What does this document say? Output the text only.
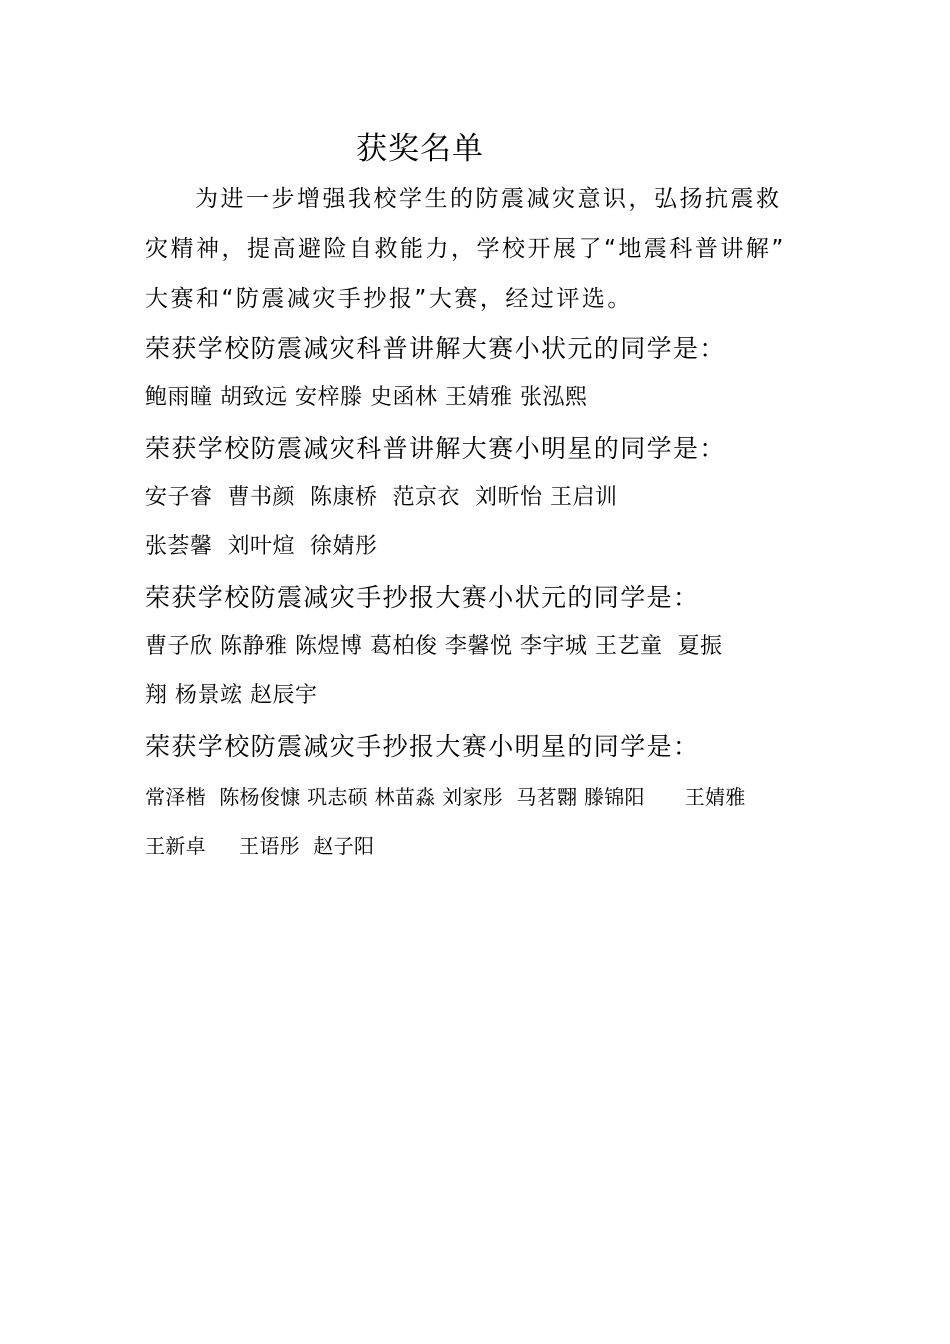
获奖名单
为进一步增强我校学生的防震减灾意识，弘扬抗震救
灾精神，提高避险自救能力，学校开展了“地震科普讲解”
大赛和“防震减灾手抄报”大赛，经过评选。
荣获学校防震减灾科普讲解大赛小状元的同学是：
鲍雨瞳 胡致远 安梓滕 史函林 王婧雅 张泓熙
荣获学校防震减灾科普讲解大赛小明星的同学是：
安子睿  曹书颜  陈康桥  范京衣  刘昕怡 王启训
张荟馨  刘叶煊  徐婧彤
荣获学校防震减灾手抄报大赛小状元的同学是：
曹子欣 陈静雅 陈煜博 葛柏俊 李馨悦 李宇城 王艺童  夏振
翔 杨景竤 赵辰宇
荣获学校防震减灾手抄报大赛小明星的同学是：
常泽楷  陈杨俊慷 巩志硕 林苗淼 刘家彤  马茗翾 滕锦阳      王婧雅
王新卓     王语彤  赵子阳
